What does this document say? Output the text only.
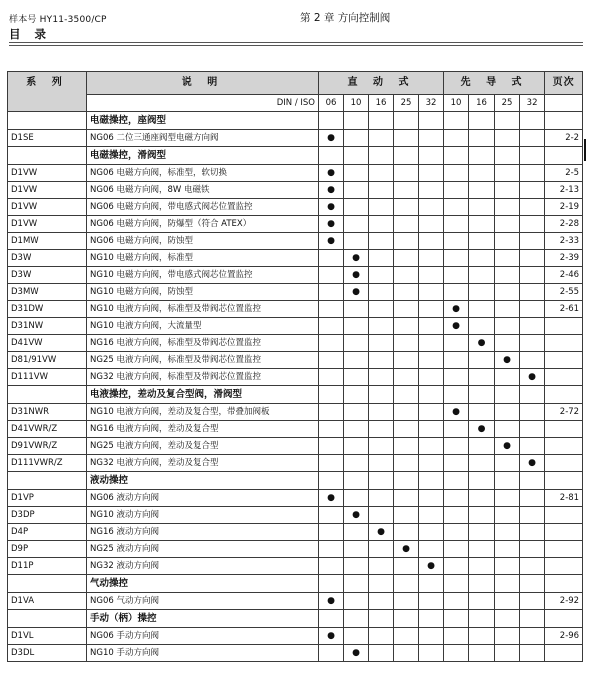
样本号 HY11-3500/CP
目 录
第 2 章 方向控制阀
系 列	说 明	直 动 式					先 导 式				页次
	DIN / ISO	06	10	16	25	32	10	16	25	32	
	电磁操控，座阀型										
D1SE	NG06 二位三通座阀型电磁方向阀	●									2-2
	电磁操控，滑阀型										
D1VW	NG06 电磁方向阀，标准型，软切换	●									2-5
D1VW	NG06 电磁方向阀，8W 电磁铁	●									2-13
D1VW	NG06 电磁方向阀，带电感式阀芯位置监控	●									2-19
D1VW	NG06 电磁方向阀，防爆型（符合 ATEX）	●									2-28
D1MW	NG06 电磁方向阀，防蚀型	●									2-33
D3W	NG10 电磁方向阀，标准型		●								2-39
D3W	NG10 电磁方向阀，带电感式阀芯位置监控		●								2-46
D3MW	NG10 电磁方向阀，防蚀型		●								2-55
D31DW	NG10 电液方向阀，标准型及带阀芯位置监控						●				2-61
D31NW	NG10 电液方向阀，大流量型						●				
D41VW	NG16 电液方向阀，标准型及带阀芯位置监控							●			
D81/91VW	NG25 电液方向阀，标准型及带阀芯位置监控								●		
D111VW	NG32 电液方向阀，标准型及带阀芯位置监控									●	
	电液操控，差动及复合型阀，滑阀型										
D31NWR	NG10 电液方向阀，差动及复合型，带叠加阀板						●				2-72
D41VWR/Z	NG16 电液方向阀，差动及复合型							●			
D91VWR/Z	NG25 电液方向阀，差动及复合型								●		
D111VWR/Z	NG32 电液方向阀，差动及复合型									●	
	液动操控										
D1VP	NG06 液动方向阀	●									2-81
D3DP	NG10 液动方向阀		●								
D4P	NG16 液动方向阀			●							
D9P	NG25 液动方向阀				●						
D11P	NG32 液动方向阀					●					
	气动操控										
D1VA	NG06 气动方向阀	●									2-92
	手动（柄）操控										
D1VL	NG06 手动方向阀	●									2-96
D3DL	NG10 手动方向阀		●								
